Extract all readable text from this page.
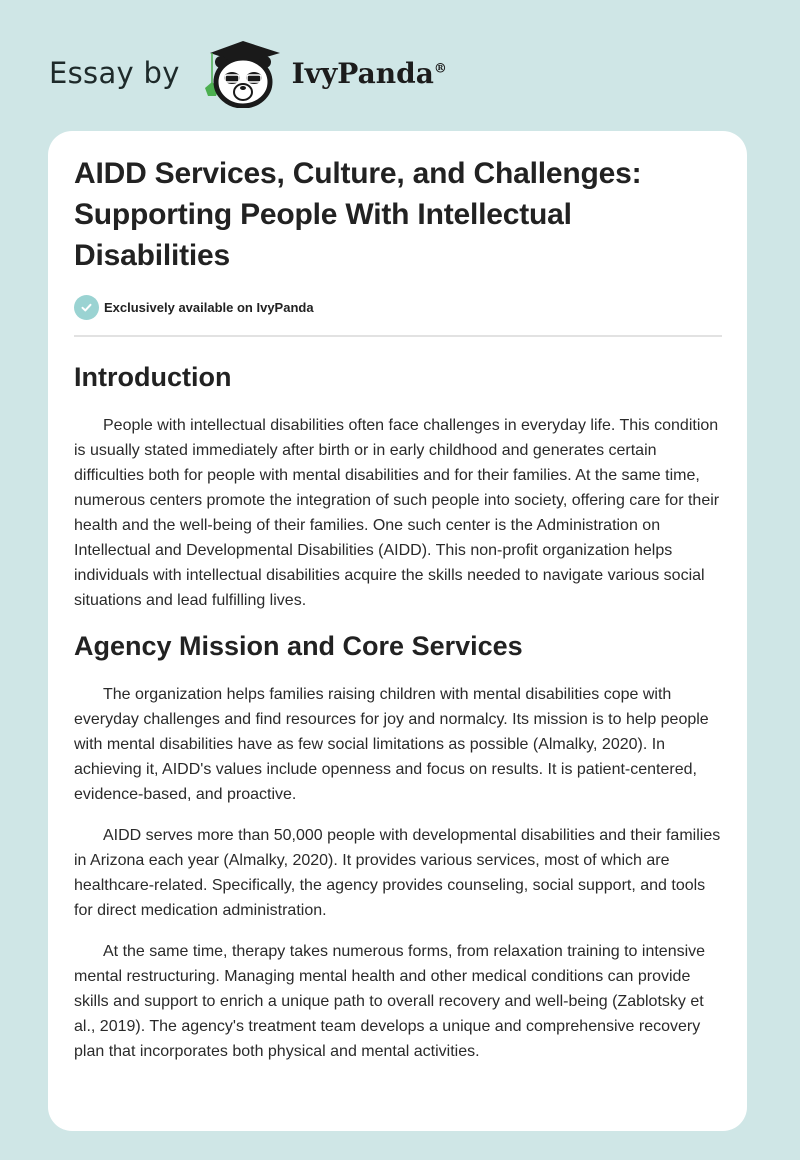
Essay by	IvyPanda®
AIDD Services, Culture, and Challenges: Supporting People With Intellectual Disabilities
Exclusively available on IvyPanda
Introduction

People with intellectual disabilities often face challenges in everyday life. This condition is usually stated immediately after birth or in early childhood and generates certain difficulties both for people with mental disabilities and for their families. At the same time, numerous centers promote the integration of such people into society, offering care for their health and the well-being of their families. One such center is the Administration on Intellectual and Developmental Disabilities (AIDD). This non-profit organization helps individuals with intellectual disabilities acquire the skills needed to navigate various social situations and lead fulfilling lives.

Agency Mission and Core Services

The organization helps families raising children with mental disabilities cope with everyday challenges and find resources for joy and normalcy. Its mission is to help people with mental disabilities have as few social limitations as possible (Almalky, 2020). In achieving it, AIDD's values include openness and focus on results. It is patient-centered, evidence-based, and proactive.

AIDD serves more than 50,000 people with developmental disabilities and their families in Arizona each year (Almalky, 2020). It provides various services, most of which are healthcare-related. Specifically, the agency provides counseling, social support, and tools for direct medication administration.

At the same time, therapy takes numerous forms, from relaxation training to intensive mental restructuring. Managing mental health and other medical conditions can provide skills and support to enrich a unique path to overall recovery and well-being (Zablotsky et al., 2019). The agency's treatment team develops a unique and comprehensive recovery plan that incorporates both physical and mental activities.
